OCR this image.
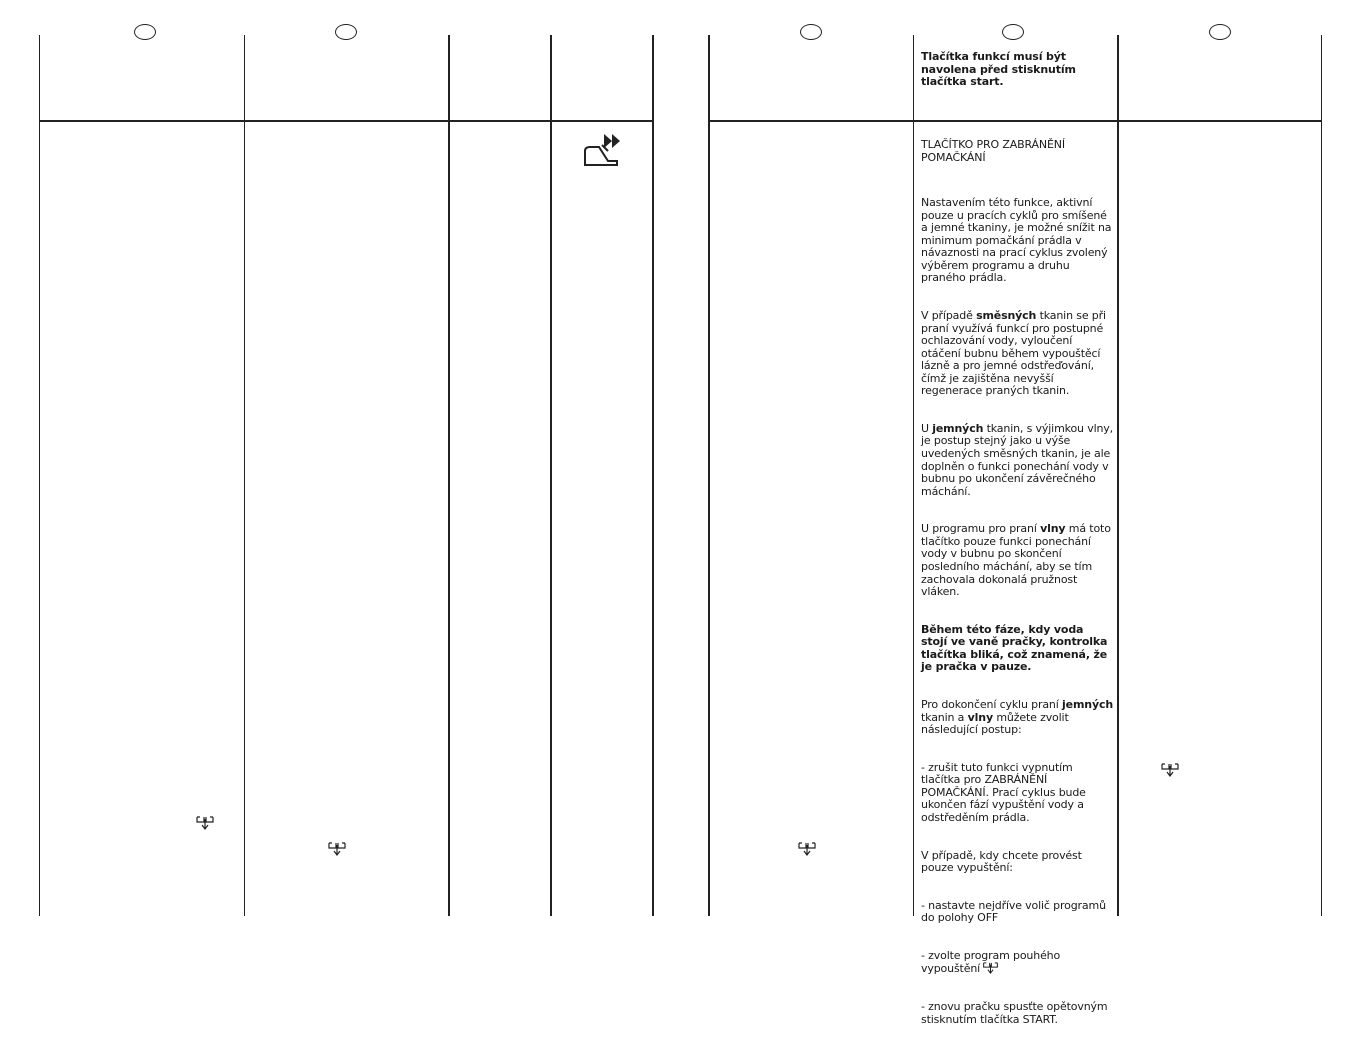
Tlačítka funkcí musí být navolena před stisknutím tlačítka start.
TLAČÍTKO PRO ZABRÁNĚNÍ POMAČKÁNÍ

Nastavením této funkce, aktivní pouze u pracích cyklů pro smíšené a jemné tkaniny, je možné snížit na minimum pomačkání prádla v návaznosti na prací cyklus zvolený výběrem programu a druhu praného prádla.

V případě směsných tkanin se při praní využívá funkcí pro postupné ochlazování vody, vyloučení otáčení bubnu během vypouštěcí lázně a pro jemné odstřeďování, čímž je zajištěna nevyšší regenerace praných tkanin.

U jemných tkanin, s výjimkou vlny, je postup stejný jako u výše uvedených směsných tkanin, je ale doplněn o funkci ponechání vody v bubnu po ukončení závěrečného máchání.

U programu pro praní vlny má toto tlačítko pouze funkci ponechání vody v bubnu po skončení posledního máchání, aby se tím zachovala dokonalá pružnost vláken.

Během této fáze, kdy voda stojí ve vaně pračky, kontrolka tlačítka bliká, což znamená, že je pračka v pauze.

Pro dokončení cyklu praní jemných tkanin a vlny můžete zvolit následující postup:

- zrušit tuto funkci vypnutím tlačítka pro ZABRÁNĚNÍ POMAČKÁNÍ. Prací cyklus bude ukončen fází vypuštění vody a odstředěním prádla.

V případě, kdy chcete provést pouze vypuštění:

- nastavte nejdříve volič programů do polohy OFF

- zvolte program pouhého vypouštění

- znovu pračku spusťte opětovným stisknutím tlačítka START.
